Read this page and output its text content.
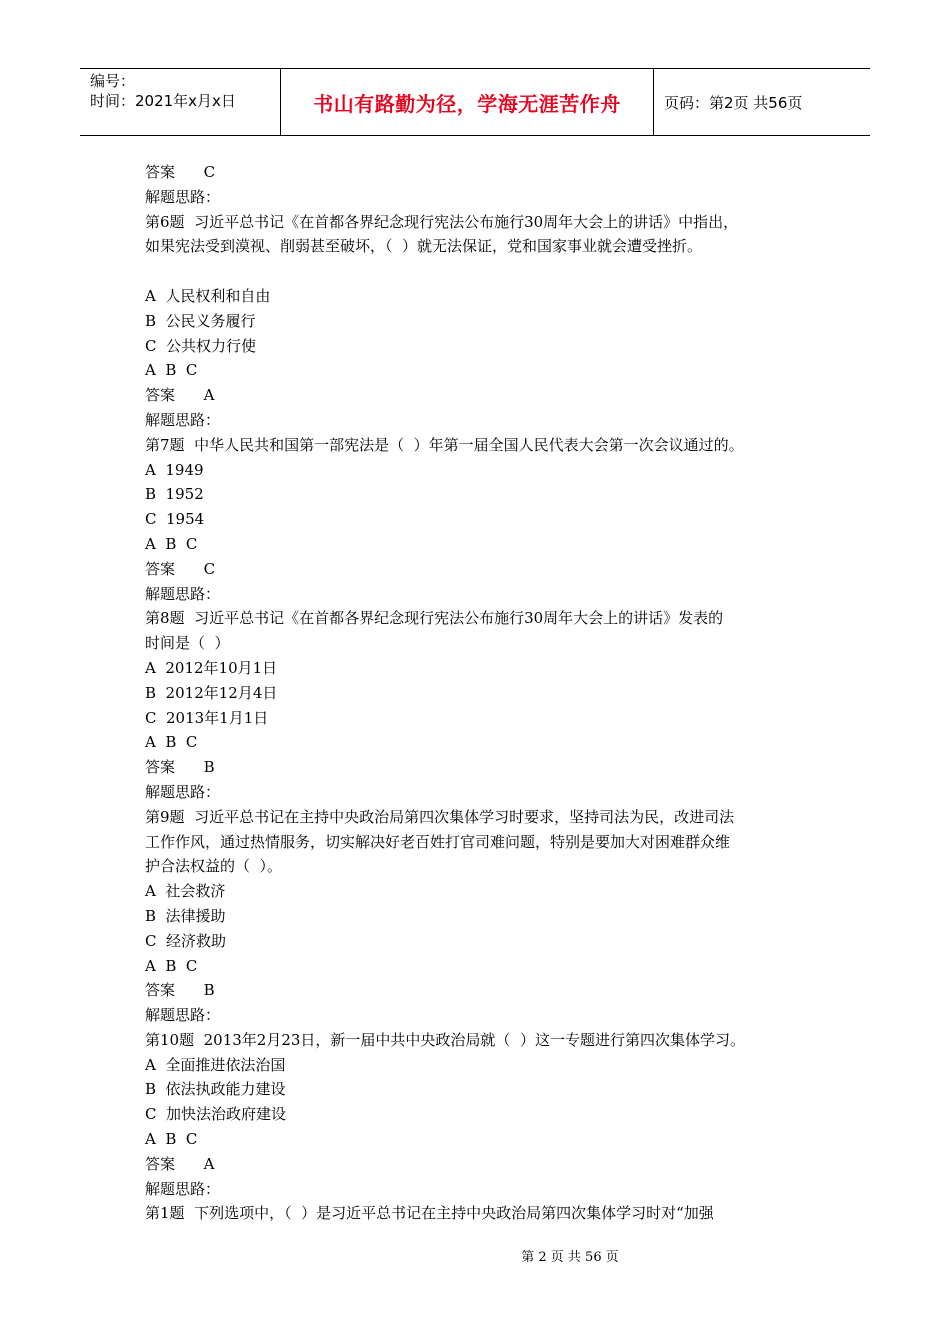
编号：
时间：2021年x月x日	书山有路勤为径，学海无涯苦作舟	页码：第2页 共56页
答案      C
解题思路：
第6题  习近平总书记《在首都各界纪念现行宪法公布施行30周年大会上的讲话》中指出，
如果宪法受到漠视、削弱甚至破坏，（  ）就无法保证，党和国家事业就会遭受挫折。
A  人民权利和自由
B  公民义务履行
C  公共权力行使
A  B  C
答案      A
解题思路：
第7题  中华人民共和国第一部宪法是（  ）年第一届全国人民代表大会第一次会议通过的。
A  1949
B  1952
C  1954
A  B  C
答案      C
解题思路：
第8题  习近平总书记《在首都各界纪念现行宪法公布施行30周年大会上的讲话》发表的
时间是（  ）
A  2012年10月1日
B  2012年12月4日
C  2013年1月1日
A  B  C
答案      B
解题思路：
第9题  习近平总书记在主持中央政治局第四次集体学习时要求，坚持司法为民，改进司法
工作作风，通过热情服务，切实解决好老百姓打官司难问题，特别是要加大对困难群众维
护合法权益的（  ）。
A  社会救济
B  法律援助
C  经济救助
A  B  C
答案      B
解题思路：
第10题  2013年2月23日，新一届中共中央政治局就（  ）这一专题进行第四次集体学习。
A  全面推进依法治国
B  依法执政能力建设
C  加快法治政府建设
A  B  C
答案      A
解题思路：
第1题  下列选项中，（  ）是习近平总书记在主持中央政治局第四次集体学习时对“加强
第 2 页 共 56 页
